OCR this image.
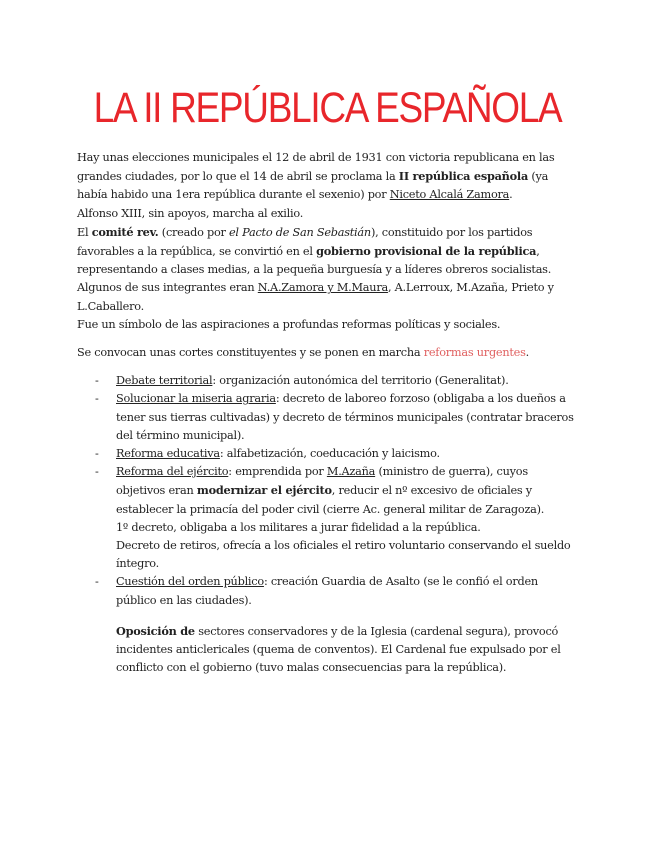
LA II REPÚBLICA ESPAÑOLA

Hay unas elecciones municipales el 12 de abril de 1931 con victoria republicana en las grandes ciudades, por lo que el 14 de abril se proclama la II república española (ya había habido una 1era república durante el sexenio) por Niceto Alcalá Zamora.

Alfonso XIII, sin apoyos, marcha al exilio.

El comité rev. (creado por el Pacto de San Sebastián), constituido por los partidos favorables a la república, se convirtió en el gobierno provisional de la república, representando a clases medias, a la pequeña burguesía y a líderes obreros socialistas.

Algunos de sus integrantes eran N.A.Zamora y M.Maura, A.Lerroux, M.Azaña, Prieto y L.Caballero.

Fue un símbolo de las aspiraciones a profundas reformas políticas y sociales.

Se convocan unas cortes constituyentes y se ponen en marcha reformas urgentes.

- Debate territorial: organización autonómica del territorio (Generalitat).
- Solucionar la miseria agraria: decreto de laboreo forzoso (obligaba a los dueños a tener sus tierras cultivadas) y decreto de términos municipales (contratar braceros del término municipal).
- Reforma educativa: alfabetización, coeducación y laicismo.
- Reforma del ejército: emprendida por M.Azaña (ministro de guerra), cuyos objetivos eran modernizar el ejército, reducir el nº excesivo de oficiales y establecer la primacía del poder civil (cierre Ac. general militar de Zaragoza).

1º decreto, obligaba a los militares a jurar fidelidad a la república.

Decreto de retiros, ofrecía a los oficiales el retiro voluntario conservando el sueldo íntegro.

- Cuestión del orden público: creación Guardia de Asalto (se le confió el orden público en las ciudades).

Oposición de sectores conservadores y de la Iglesia (cardenal segura), provocó incidentes anticlericales (quema de conventos). El Cardenal fue expulsado por el conflicto con el gobierno (tuvo malas consecuencias para la república).
